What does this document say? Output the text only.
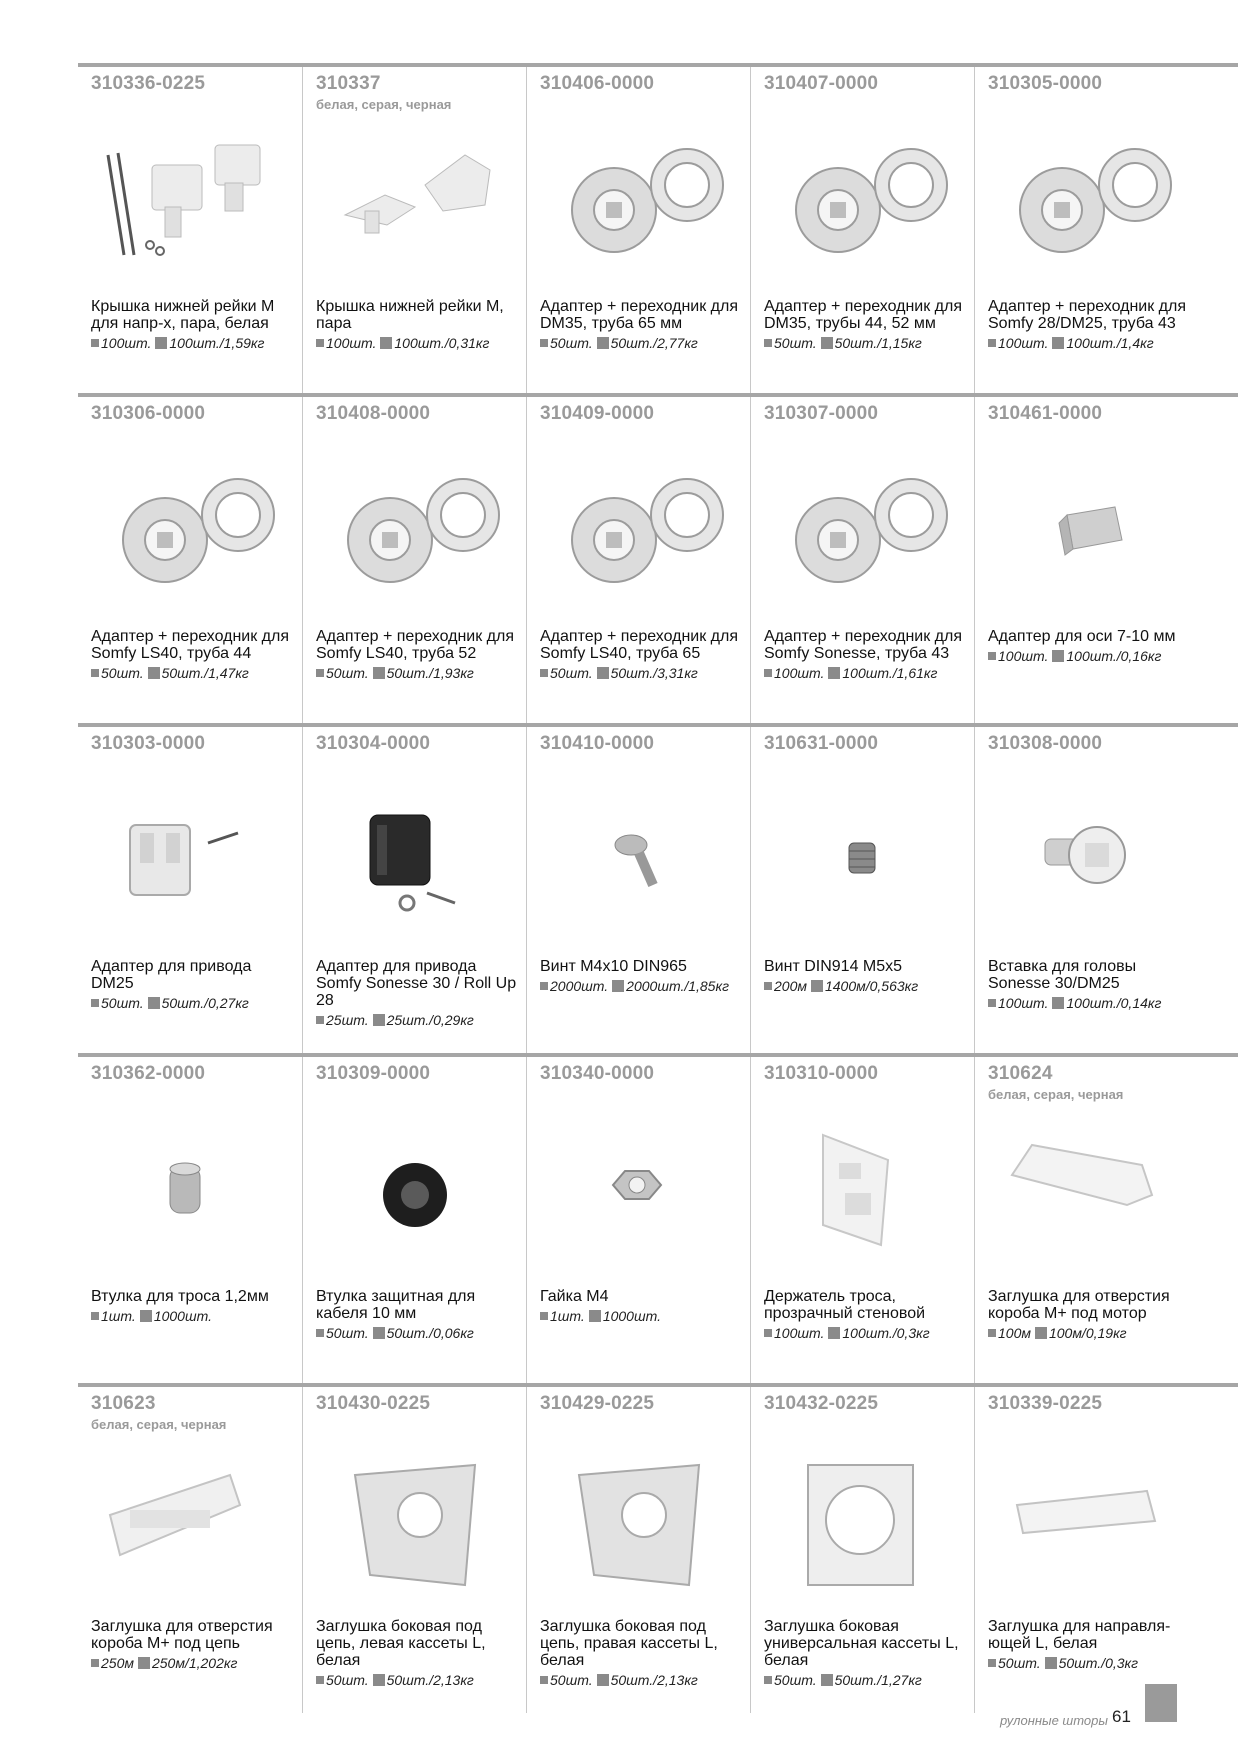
310336-0225
Крышка нижней рейки М для напр-х, пара, белая
100шт. 100шт./1,59кг
310337
белая, серая, черная
Крышка нижней рейки М, пара
100шт. 100шт./0,31кг
310406-0000
Адаптер + переходник для DM35, труба 65 мм
50шт. 50шт./2,77кг
310407-0000
Адаптер + переходник для DM35, трубы 44, 52 мм
50шт. 50шт./1,15кг
310305-0000
Адаптер + переходник для Somfy 28/DM25, труба 43
100шт. 100шт./1,4кг
310306-0000
Адаптер + переходник для Somfy LS40, труба 44
50шт. 50шт./1,47кг
310408-0000
Адаптер + переходник для Somfy LS40, труба 52
50шт. 50шт./1,93кг
310409-0000
Адаптер + переходник для Somfy LS40, труба 65
50шт. 50шт./3,31кг
310307-0000
Адаптер + переходник для Somfy Sonesse, труба 43
100шт. 100шт./1,61кг
310461-0000
Адаптер для оси 7-10 мм
100шт. 100шт./0,16кг
310303-0000
Адаптер для привода DM25
50шт. 50шт./0,27кг
310304-0000
Адаптер для привода Somfy Sonesse 30 / Roll Up 28
25шт. 25шт./0,29кг
310410-0000
Винт М4х10 DIN965
2000шт. 2000шт./1,85кг
310631-0000
Винт DIN914 M5x5
200м 1400м/0,563кг
310308-0000
Вставка для головы Sonesse 30/DM25
100шт. 100шт./0,14кг
310362-0000
Втулка для троса 1,2мм
1шт. 1000шт.
310309-0000
Втулка защитная для кабеля 10 мм
50шт. 50шт./0,06кг
310340-0000
Гайка М4
1шт. 1000шт.
310310-0000
Держатель троса, прозрачный стеновой
100шт. 100шт./0,3кг
310624
белая, серая, черная
Заглушка для отверстия короба М+ под мотор
100м 100м/0,19кг
310623
белая, серая, черная
Заглушка для отверстия короба М+ под цепь
250м 250м/1,202кг
310430-0225
Заглушка боковая под цепь, левая кассеты L, белая
50шт. 50шт./2,13кг
310429-0225
Заглушка боковая под цепь, правая кассеты L, белая
50шт. 50шт./2,13кг
310432-0225
Заглушка боковая универсальная кассеты L, белая
50шт. 50шт./1,27кг
310339-0225
Заглушка для направля-ющей L, белая
50шт. 50шт./0,3кг
рулонные шторы 61
